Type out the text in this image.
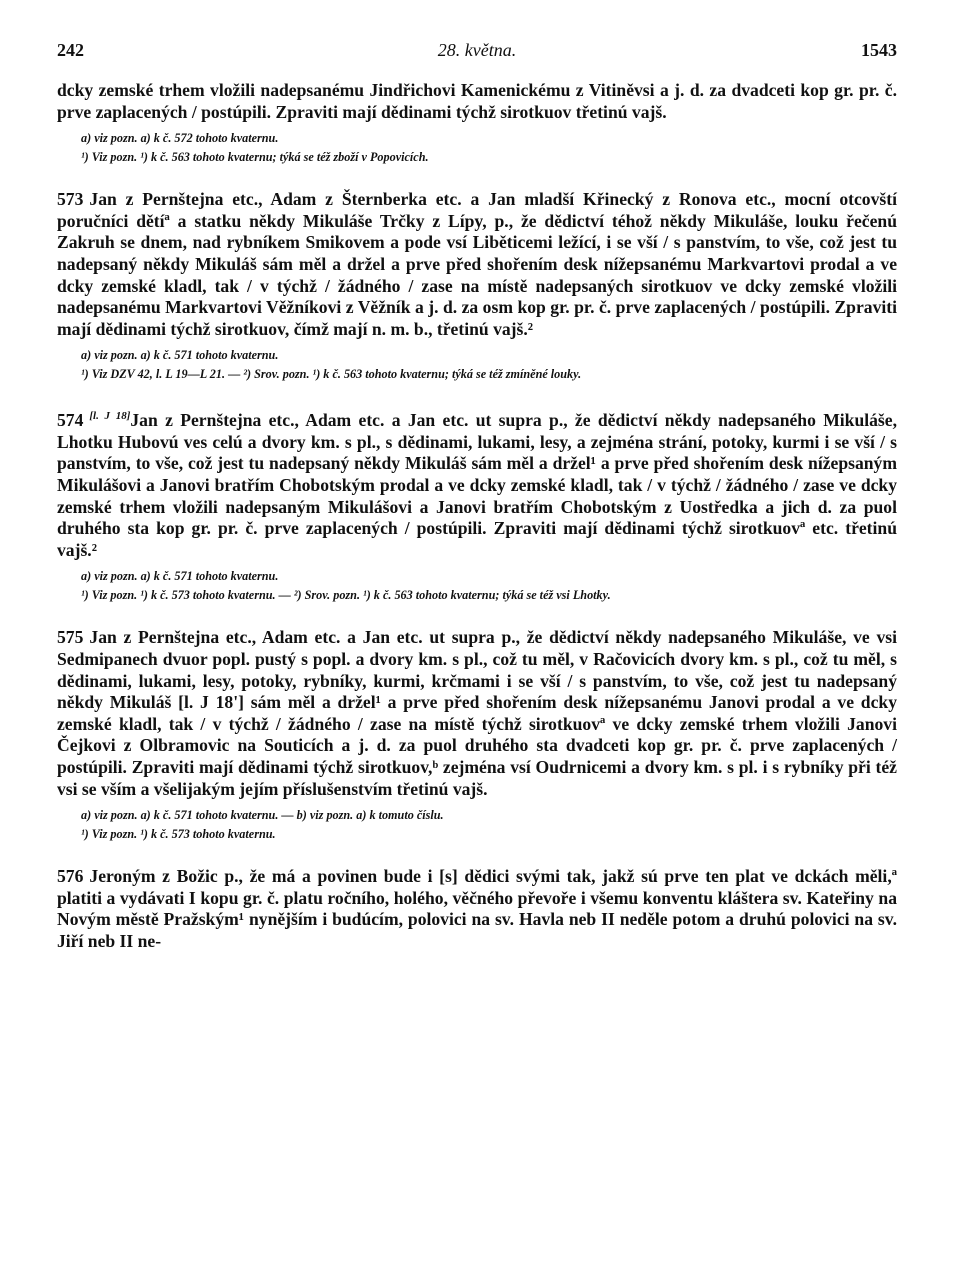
242	28. května.	1543

dcky zemské trhem vložili nadepsanému Jindřichovi Kamenickému z Vitiněvsi a j. d. za dvadceti kop gr. pr. č. prve zaplacených / postúpili. Zpraviti mají dědinami týchž sirotkuov třetinú vajš.

a) viz pozn. a) k č. 572 tohoto kvaternu.

¹) Viz pozn. ¹) k č. 563 tohoto kvaternu; týká se též zboží v Popovicích.

573 Jan z Pernštejna etc., Adam z Šternberka etc. a Jan mladší Křinecký z Ronova etc., mocní otcovští poručníci dětíª a statku někdy Mikuláše Trčky z Lípy, p., že dědictví téhož někdy Mikuláše, louku řečenú Zakruh se dnem, nad rybníkem Smikovem a pode vsí Liběticemi ležící, i se vší / s panstvím, to vše, což jest tu nadepsaný někdy Mikuláš sám měl a držel a prve před shořením desk nížepsanému Markvartovi prodal a ve dcky zemské kladl, tak / v týchž / žádného / zase na místě nadepsaných sirotkuov ve dcky zemské vložili nadepsanému Markvartovi Věžníkovi z Věžník a j. d. za osm kop gr. pr. č. prve zaplacených / postúpili. Zpraviti mají dědinami týchž sirotkuov, čímž mají n. m. b., třetinú vajš.²

a) viz pozn. a) k č. 571 tohoto kvaternu.

¹) Viz DZV 42, l. L 19—L 21. — ²) Srov. pozn. ¹) k č. 563 tohoto kvaternu; týká se též zmíněné louky.

574 [l. J 18]Jan z Pernštejna etc., Adam etc. a Jan etc. ut supra p., že dědictví někdy nadepsaného Mikuláše, Lhotku Hubovú ves celú a dvory km. s pl., s dědinami, lukami, lesy, a zejména strání, potoky, kurmi i se vší / s panstvím, to vše, což jest tu nadepsaný někdy Mikuláš sám měl a držel¹ a prve před shořením desk nížepsaným Mikulášovi a Janovi bratřím Chobotským prodal a ve dcky zemské kladl, tak / v týchž / žádného / zase ve dcky zemské trhem vložili nadepsaným Mikulášovi a Janovi bratřím Chobotským z Uostředka a jich d. za puol druhého sta kop gr. pr. č. prve zaplacených / postúpili. Zpraviti mají dědinami týchž sirotkuovª etc. třetinú vajš.²

a) viz pozn. a) k č. 571 tohoto kvaternu.

¹) Viz pozn. ¹) k č. 573 tohoto kvaternu. — ²) Srov. pozn. ¹) k č. 563 tohoto kvaternu; týká se též vsi Lhotky.

575 Jan z Pernštejna etc., Adam etc. a Jan etc. ut supra p., že dědictví někdy nadepsaného Mikuláše, ve vsi Sedmipanech dvuor popl. pustý s popl. a dvory km. s pl., což tu měl, v Račovicích dvory km. s pl., což tu měl, s dědinami, lukami, lesy, potoky, rybníky, kurmi, krčmami i se vší / s panstvím, to vše, což jest tu nadepsaný někdy Mikuláš [l. J 18'] sám měl a držel¹ a prve před shořením desk nížepsanému Janovi prodal a ve dcky zemské kladl, tak / v týchž / žádného / zase na místě týchž sirotkuovª ve dcky zemské trhem vložili Janovi Čejkovi z Olbramovic na Souticích a j. d. za puol druhého sta dvadceti kop gr. pr. č. prve zaplacených / postúpili. Zpraviti mají dědinami týchž sirotkuov,ᵇ zejména vsí Oudrnicemi a dvory km. s pl. i s rybníky při též vsi se vším a všelijakým jejím příslušenstvím třetinú vajš.

a) viz pozn. a) k č. 571 tohoto kvaternu. — b) viz pozn. a) k tomuto číslu.

¹) Viz pozn. ¹) k č. 573 tohoto kvaternu.

576 Jeroným z Božic p., že má a povinen bude i [s] dědici svými tak, jakž sú prve ten plat ve dckách měli,ª platiti a vydávati I kopu gr. č. platu ročního, holého, věčného převoře i všemu konventu kláštera sv. Kateřiny na Novým městě Pražským¹ nynějším i budúcím, polovici na sv. Havla neb II neděle potom a druhú polovici na sv. Jiří neb II ne-
